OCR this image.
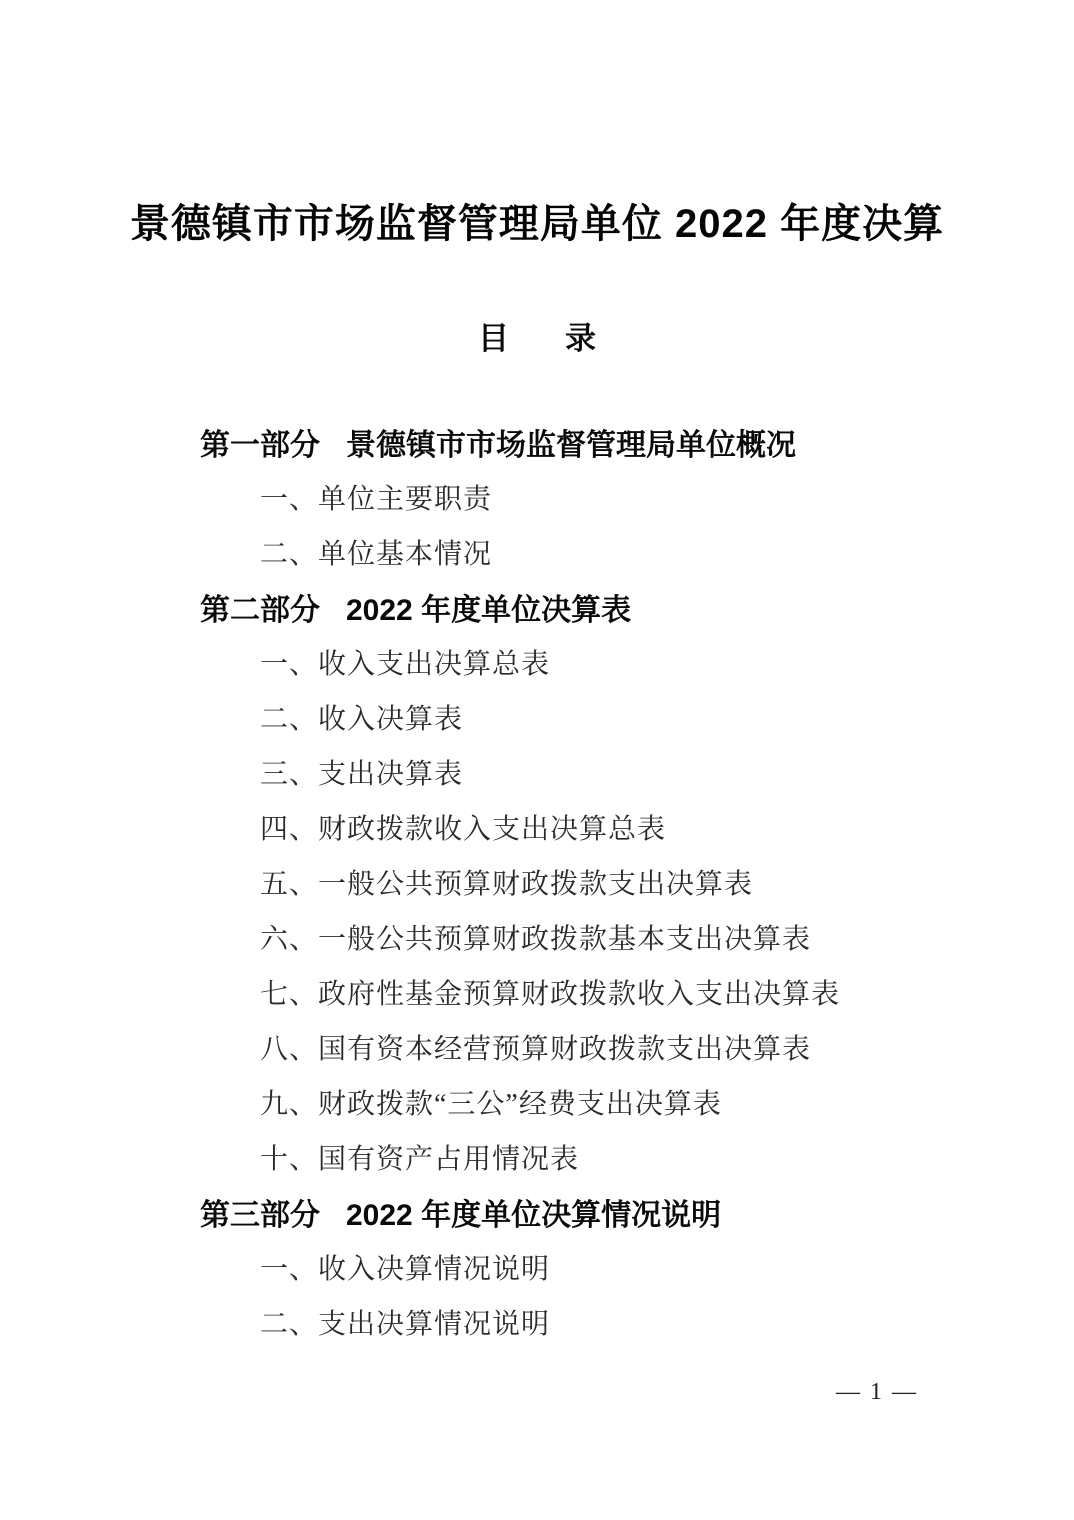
景德镇市市场监督管理局单位 2022 年度决算
目 录
第一部分 景德镇市市场监督管理局单位概况
一、单位主要职责
二、单位基本情况
第二部分 2022 年度单位决算表
一、收入支出决算总表
二、收入决算表
三、支出决算表
四、财政拨款收入支出决算总表
五、一般公共预算财政拨款支出决算表
六、一般公共预算财政拨款基本支出决算表
七、政府性基金预算财政拨款收入支出决算表
八、国有资本经营预算财政拨款支出决算表
九、财政拨款“三公”经费支出决算表
十、国有资产占用情况表
第三部分 2022 年度单位决算情况说明
一、收入决算情况说明
二、支出决算情况说明
— 1 —
